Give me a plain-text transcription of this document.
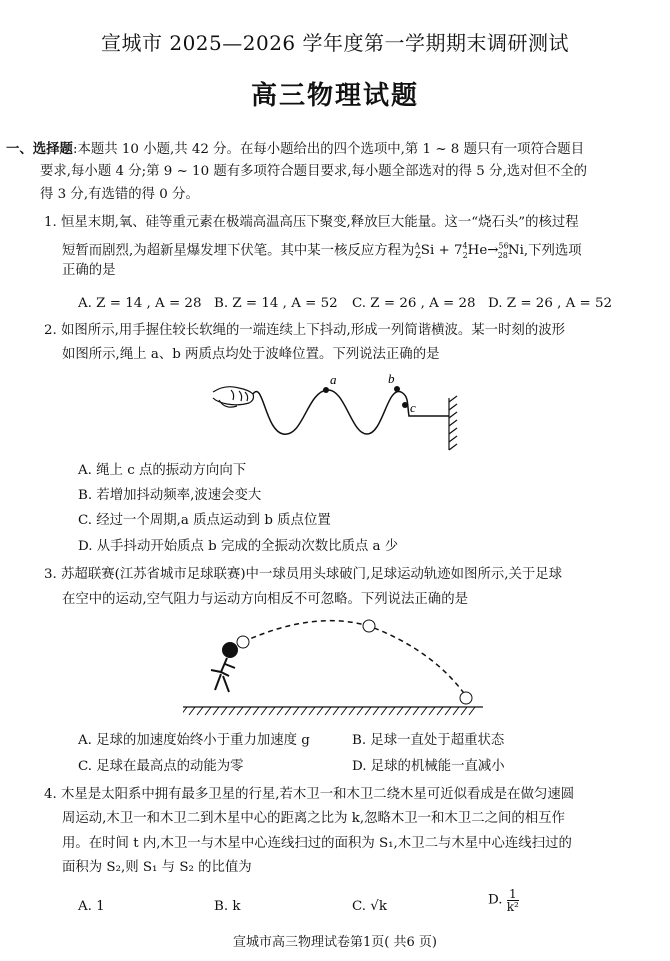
宣城市 2025—2026 学年度第一学期期末调研测试
高三物理试题
一、选择题:本题共 10 小题,共 42 分。在每小题给出的四个选项中,第 1 ~ 8 题只有一项符合题目
要求,每小题 4 分;第 9 ~ 10 题有多项符合题目要求,每小题全部选对的得 5 分,选对但不全的
得 3 分,有选错的得 0 分。
1. 恒星末期,氧、硅等重元素在极端高温高压下聚变,释放巨大能量。这一“烧石头”的核过程
短暂而剧烈,为超新星爆发埋下伏笔。其中某一核反应方程为$^A_ZSi + 7^4_2He\to^{56}_{28}Ni$,下列选项
正确的是
A. Z = 14 , A = 28 B. Z = 14 , A = 52 C. Z = 26 , A = 28 D. Z = 26 , A = 52
2. 如图所示,用手握住较长软绳的一端连续上下抖动,形成一列简谐横波。某一时刻的波形
如图所示,绳上 a、b 两质点均处于波峰位置。下列说法正确的是
a	b
c
A. 绳上 c 点的振动方向向下
B. 若增加抖动频率,波速会变大
C. 经过一个周期,a 质点运动到 b 质点位置
D. 从手抖动开始质点 b 完成的全振动次数比质点 a 少
3. 苏超联赛(江苏省城市足球联赛)中一球员用头球破门,足球运动轨迹如图所示,关于足球
在空中的运动,空气阻力与运动方向相反不可忽略。下列说法正确的是
A. 足球的加速度始终小于重力加速度 g	B. 足球一直处于超重状态
C. 足球在最高点的动能为零	D. 足球的机械能一直减小
4. 木星是太阳系中拥有最多卫星的行星,若木卫一和木卫二绕木星可近似看成是在做匀速圆
周运动,木卫一和木卫二到木星中心的距离之比为 k,忽略木卫一和木卫二之间的相互作
用。在时间 t 内,木卫一与木星中心连线扫过的面积为 S₁,木卫二与木星中心连线扫过的
面积为 S₂,则 S₁ 与 S₂ 的比值为
A. 1	B. k	C. √k	D. $\frac{1}{\text{k²}}$
宣城市高三物理试卷第1页( 共6 页)
